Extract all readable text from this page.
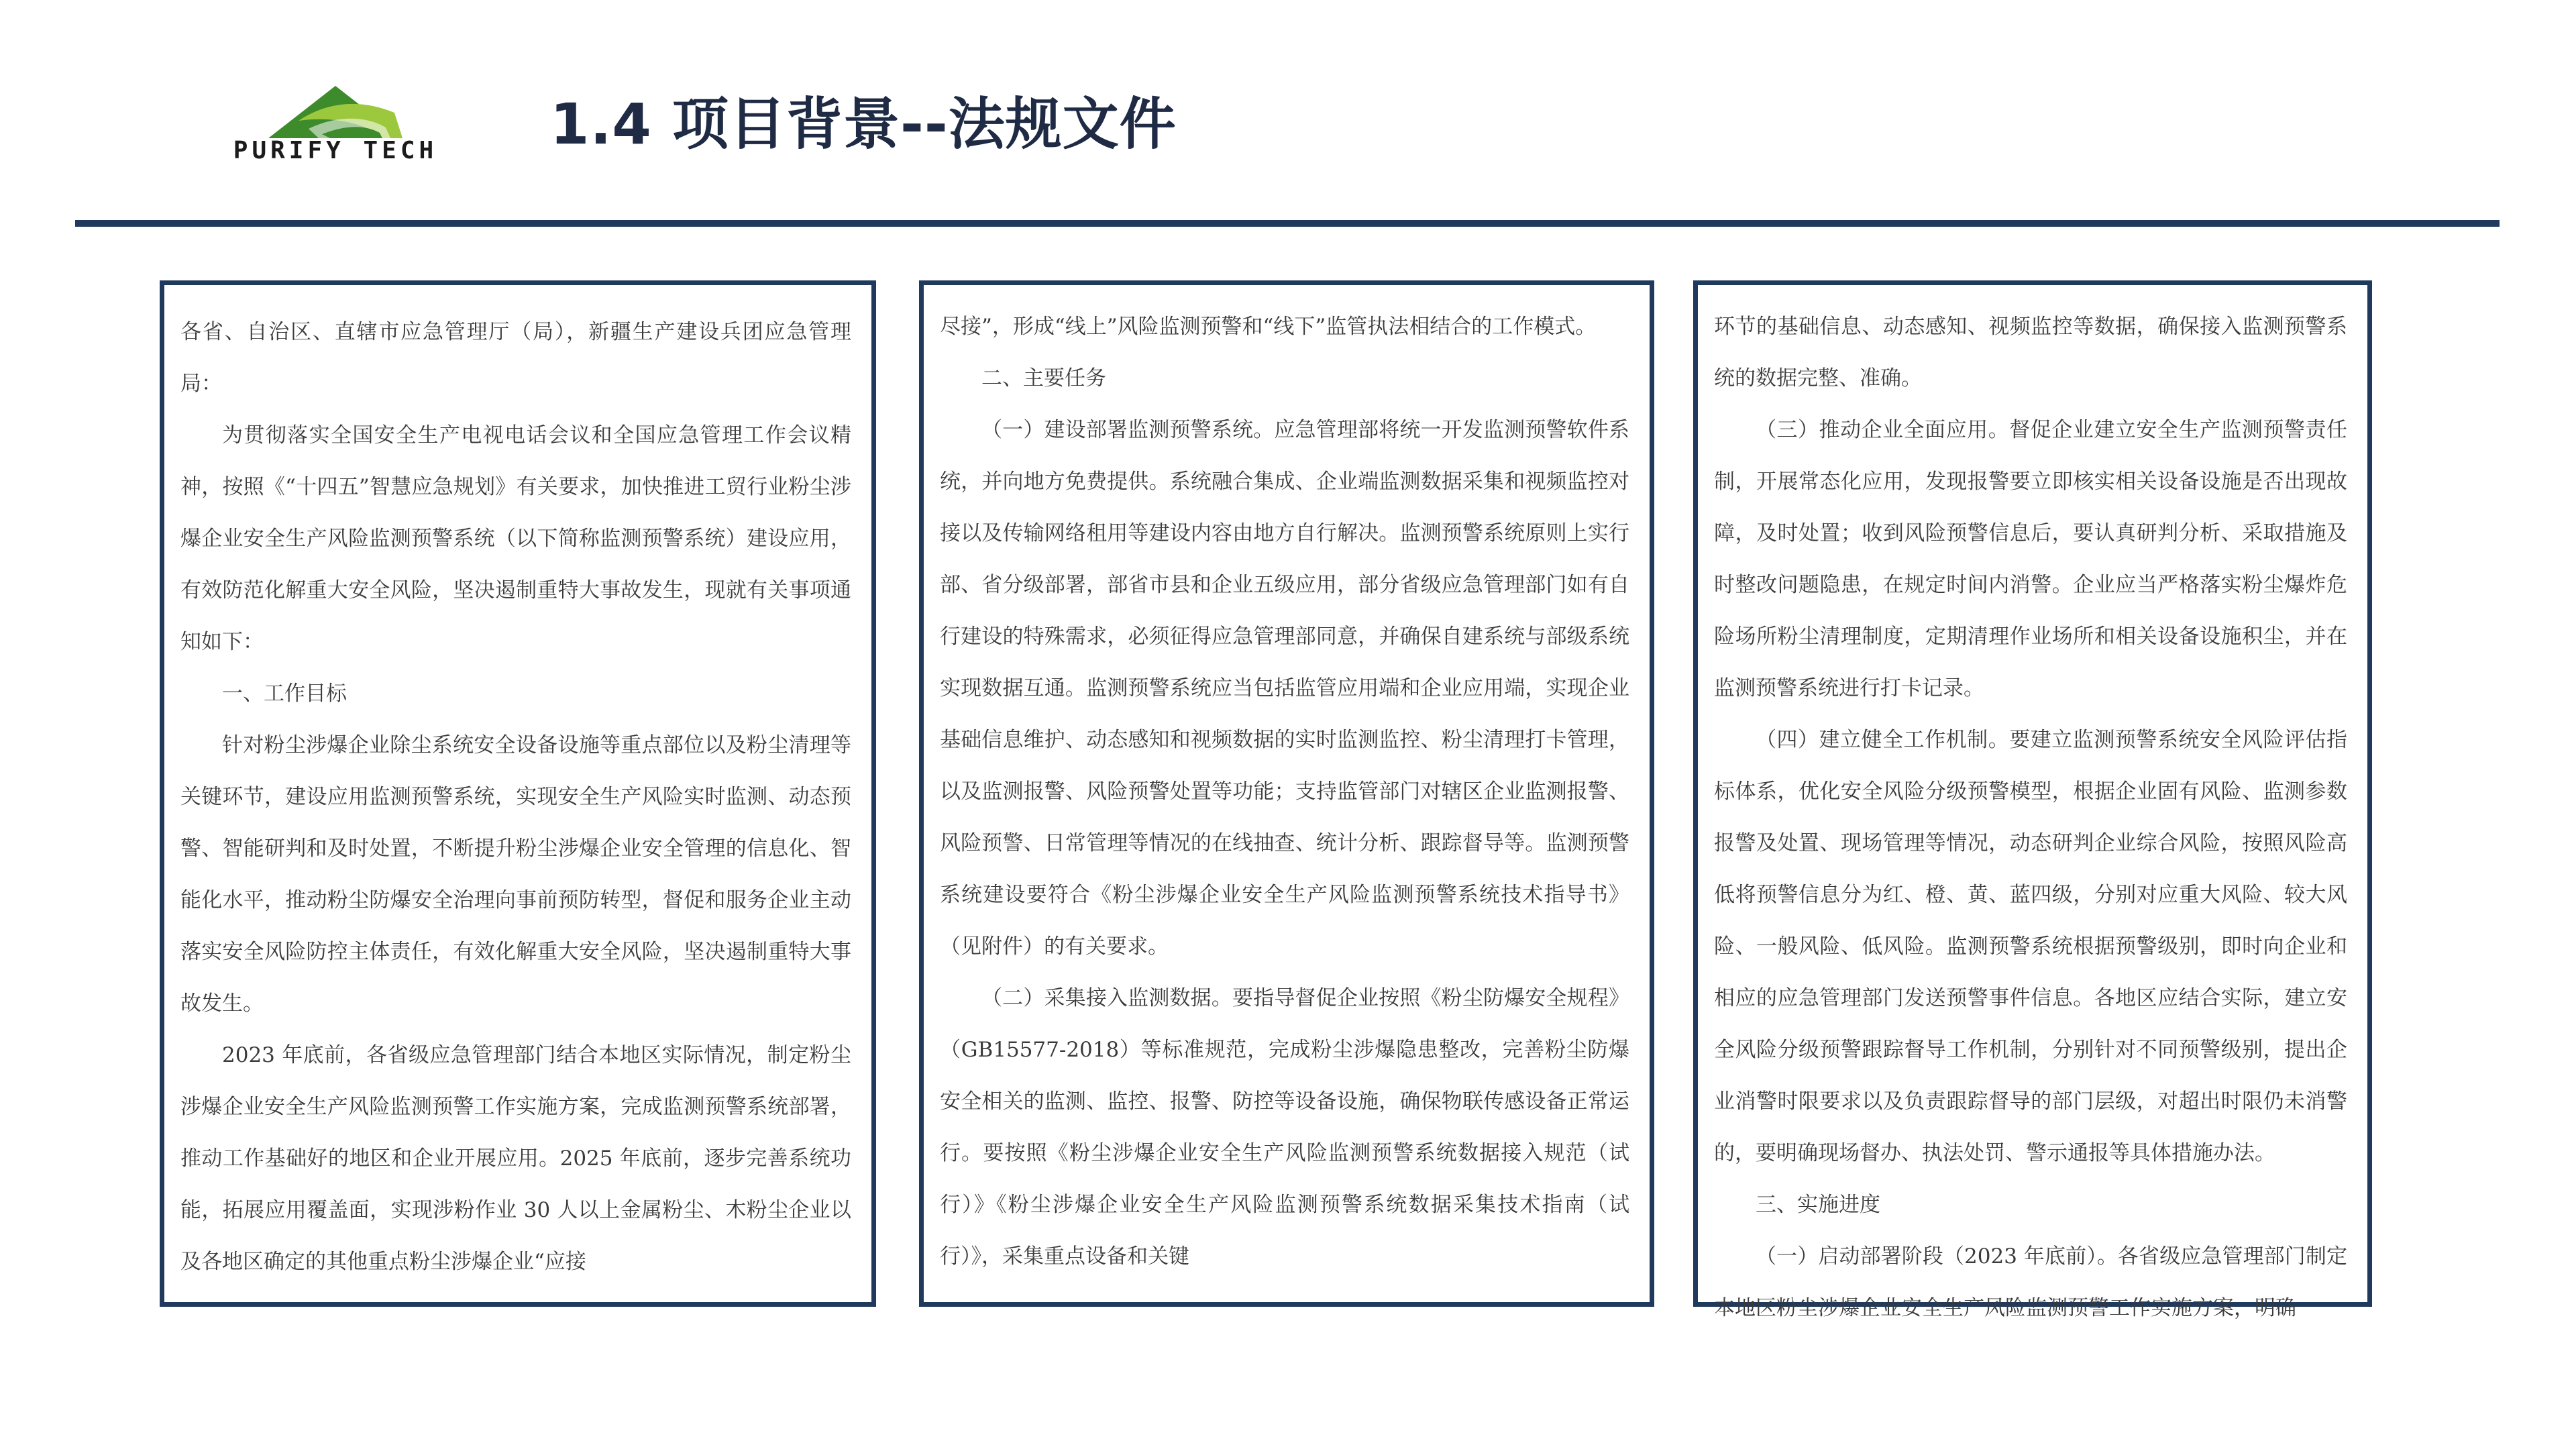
PURIFY TECH	1.4 项目背景--法规文件

各省、自治区、直辖市应急管理厅（局），新疆生产建设兵团应急管理局：

为贯彻落实全国安全生产电视电话会议和全国应急管理工作会议精神，按照《“十四五”智慧应急规划》有关要求，加快推进工贸行业粉尘涉爆企业安全生产风险监测预警系统（以下简称监测预警系统）建设应用，有效防范化解重大安全风险，坚决遏制重特大事故发生，现就有关事项通知如下：

一、工作目标

针对粉尘涉爆企业除尘系统安全设备设施等重点部位以及粉尘清理等关键环节，建设应用监测预警系统，实现安全生产风险实时监测、动态预警、智能研判和及时处置，不断提升粉尘涉爆企业安全管理的信息化、智能化水平，推动粉尘防爆安全治理向事前预防转型，督促和服务企业主动落实安全风险防控主体责任，有效化解重大安全风险，坚决遏制重特大事故发生。

2023 年底前，各省级应急管理部门结合本地区实际情况，制定粉尘涉爆企业安全生产风险监测预警工作实施方案，完成监测预警系统部署，推动工作基础好的地区和企业开展应用。2025 年底前，逐步完善系统功能，拓展应用覆盖面，实现涉粉作业 30 人以上金属粉尘、木粉尘企业以及各地区确定的其他重点粉尘涉爆企业“应接

尽接”，形成“线上”风险监测预警和“线下”监管执法相结合的工作模式。

二、主要任务

（一）建设部署监测预警系统。应急管理部将统一开发监测预警软件系统，并向地方免费提供。系统融合集成、企业端监测数据采集和视频监控对接以及传输网络租用等建设内容由地方自行解决。监测预警系统原则上实行部、省分级部署，部省市县和企业五级应用，部分省级应急管理部门如有自行建设的特殊需求，必须征得应急管理部同意，并确保自建系统与部级系统实现数据互通。监测预警系统应当包括监管应用端和企业应用端，实现企业基础信息维护、动态感知和视频数据的实时监测监控、粉尘清理打卡管理，以及监测报警、风险预警处置等功能；支持监管部门对辖区企业监测报警、风险预警、日常管理等情况的在线抽查、统计分析、跟踪督导等。监测预警系统建设要符合《粉尘涉爆企业安全生产风险监测预警系统技术指导书》（见附件）的有关要求。

（二）采集接入监测数据。要指导督促企业按照《粉尘防爆安全规程》（GB15577-2018）等标准规范，完成粉尘涉爆隐患整改，完善粉尘防爆安全相关的监测、监控、报警、防控等设备设施，确保物联传感设备正常运行。要按照《粉尘涉爆企业安全生产风险监测预警系统数据接入规范（试行）》《粉尘涉爆企业安全生产风险监测预警系统数据采集技术指南（试行）》，采集重点设备和关键

环节的基础信息、动态感知、视频监控等数据，确保接入监测预警系统的数据完整、准确。

（三）推动企业全面应用。督促企业建立安全生产监测预警责任制，开展常态化应用，发现报警要立即核实相关设备设施是否出现故障，及时处置；收到风险预警信息后，要认真研判分析、采取措施及时整改问题隐患，在规定时间内消警。企业应当严格落实粉尘爆炸危险场所粉尘清理制度，定期清理作业场所和相关设备设施积尘，并在监测预警系统进行打卡记录。

（四）建立健全工作机制。要建立监测预警系统安全风险评估指标体系，优化安全风险分级预警模型，根据企业固有风险、监测参数报警及处置、现场管理等情况，动态研判企业综合风险，按照风险高低将预警信息分为红、橙、黄、蓝四级，分别对应重大风险、较大风险、一般风险、低风险。监测预警系统根据预警级别，即时向企业和相应的应急管理部门发送预警事件信息。各地区应结合实际，建立安全风险分级预警跟踪督导工作机制，分别针对不同预警级别，提出企业消警时限要求以及负责跟踪督导的部门层级，对超出时限仍未消警的，要明确现场督办、执法处罚、警示通报等具体措施办法。

三、实施进度

（一）启动部署阶段（2023 年底前）。各省级应急管理部门制定本地区粉尘涉爆企业安全生产风险监测预警工作实施方案，明确
